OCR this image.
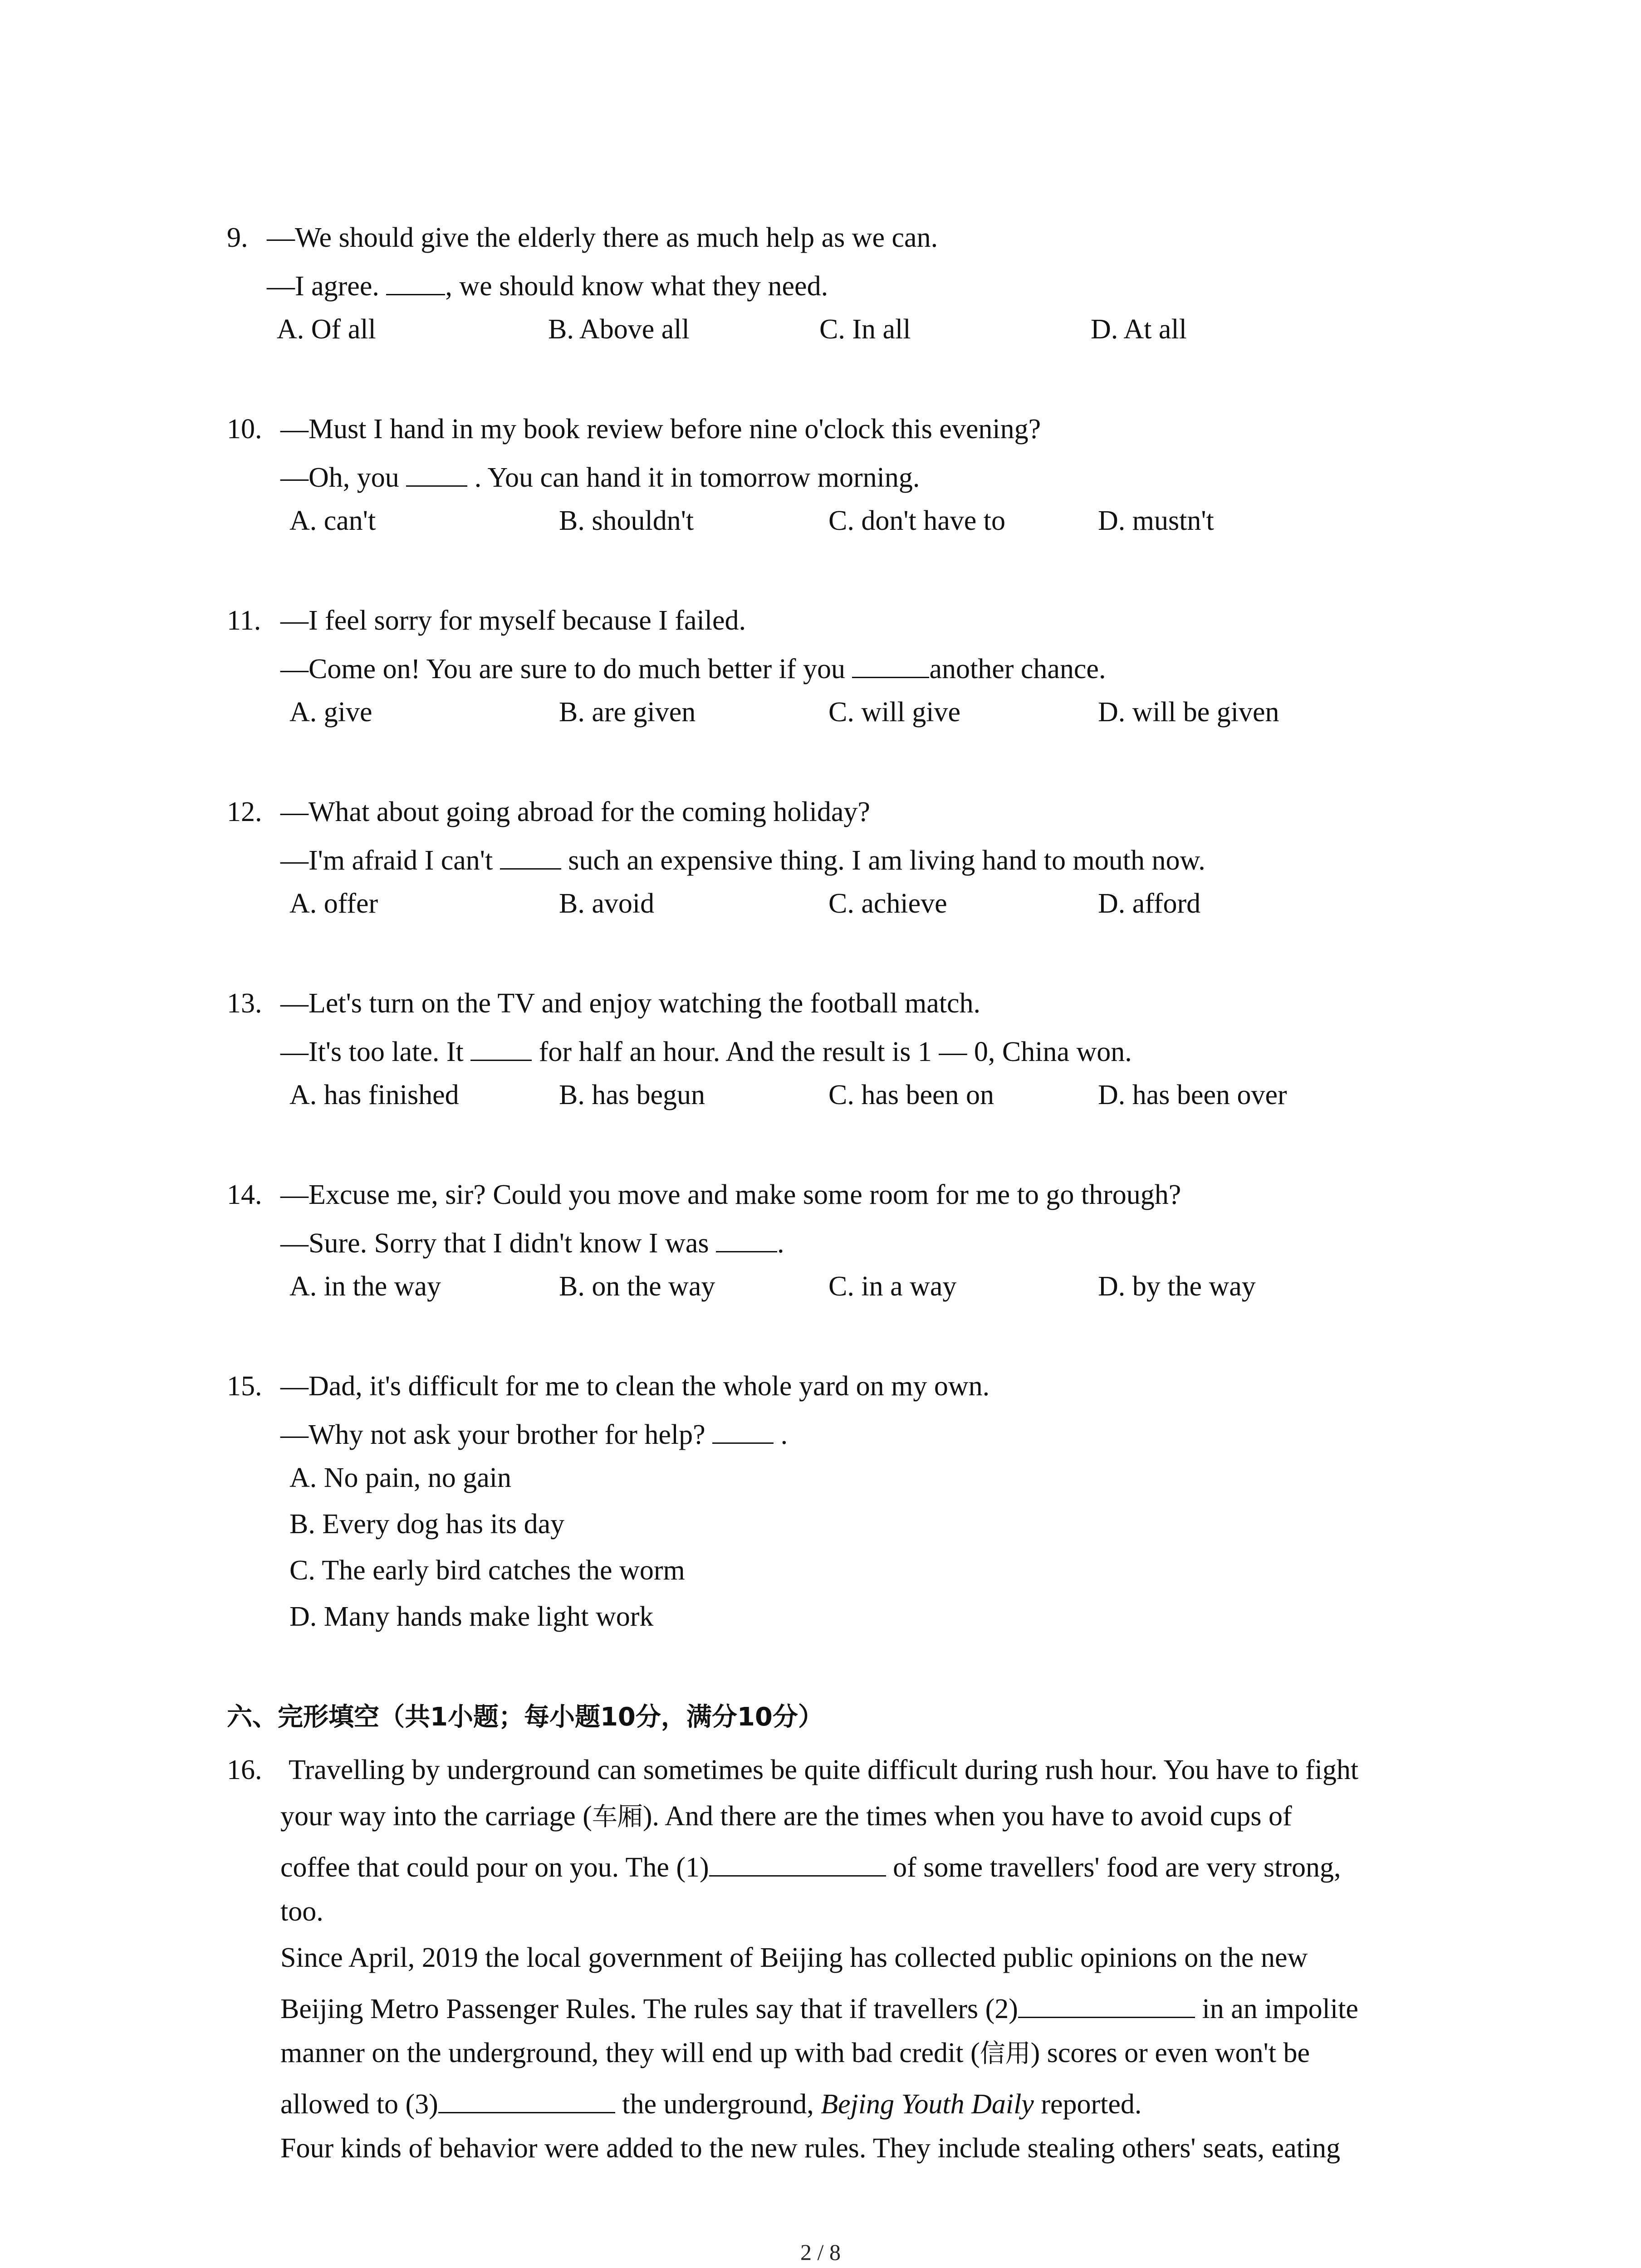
9. —We should give the elderly there as much help as we can.
—I agree. , we should know what they need.
A. Of all	B. Above all	C. In all	D. At all
10. —Must I hand in my book review before nine o'clock this evening?
—Oh, you  . You can hand it in tomorrow morning.
A. can't	B. shouldn't	C. don't have to	D. mustn't
11. —I feel sorry for myself because I failed.
—Come on! You are sure to do much better if you	another chance.
A. give	B. are given	C. will give	D. will be given
12. —What about going abroad for the coming holiday?
—I'm afraid I can't  such an expensive thing. I am living hand to mouth now.
A. offer	B. avoid	C. achieve	D. afford
13. —Let's turn on the TV and enjoy watching the football match.
—It's too late. It  for half an hour. And the result is 1 — 0, China won.
A. has finished	B. has begun	C. has been on	D. has been over
14. —Excuse me, sir? Could you move and make some room for me to go through?
—Sure. Sorry that I didn't know I was .
A. in the way	B. on the way	C. in a way	D. by the way
15. —Dad, it's difficult for me to clean the whole yard on my own.
—Why not ask your brother for help?  .
A. No pain, no gain
B. Every dog has its day
C. The early bird catches the worm
D. Many hands make light work
六、完形填空（共1小题；每小题10分，满分10分）
16. Travelling by underground can sometimes be quite difficult during rush hour. You have to fight
your way into the carriage (车厢). And there are the times when you have to avoid cups of
coffee that could pour on you. The (1)	of some travellers' food are very strong,
too.
Since April, 2019 the local government of Beijing has collected public opinions on the new
Beijing Metro Passenger Rules. The rules say that if travellers (2)	in an impolite
manner on the underground, they will end up with bad credit (信用) scores or even won't be
allowed to (3)	the underground, Bejing Youth Daily reported.
Four kinds of behavior were added to the new rules. They include stealing others' seats, eating
2 / 8
